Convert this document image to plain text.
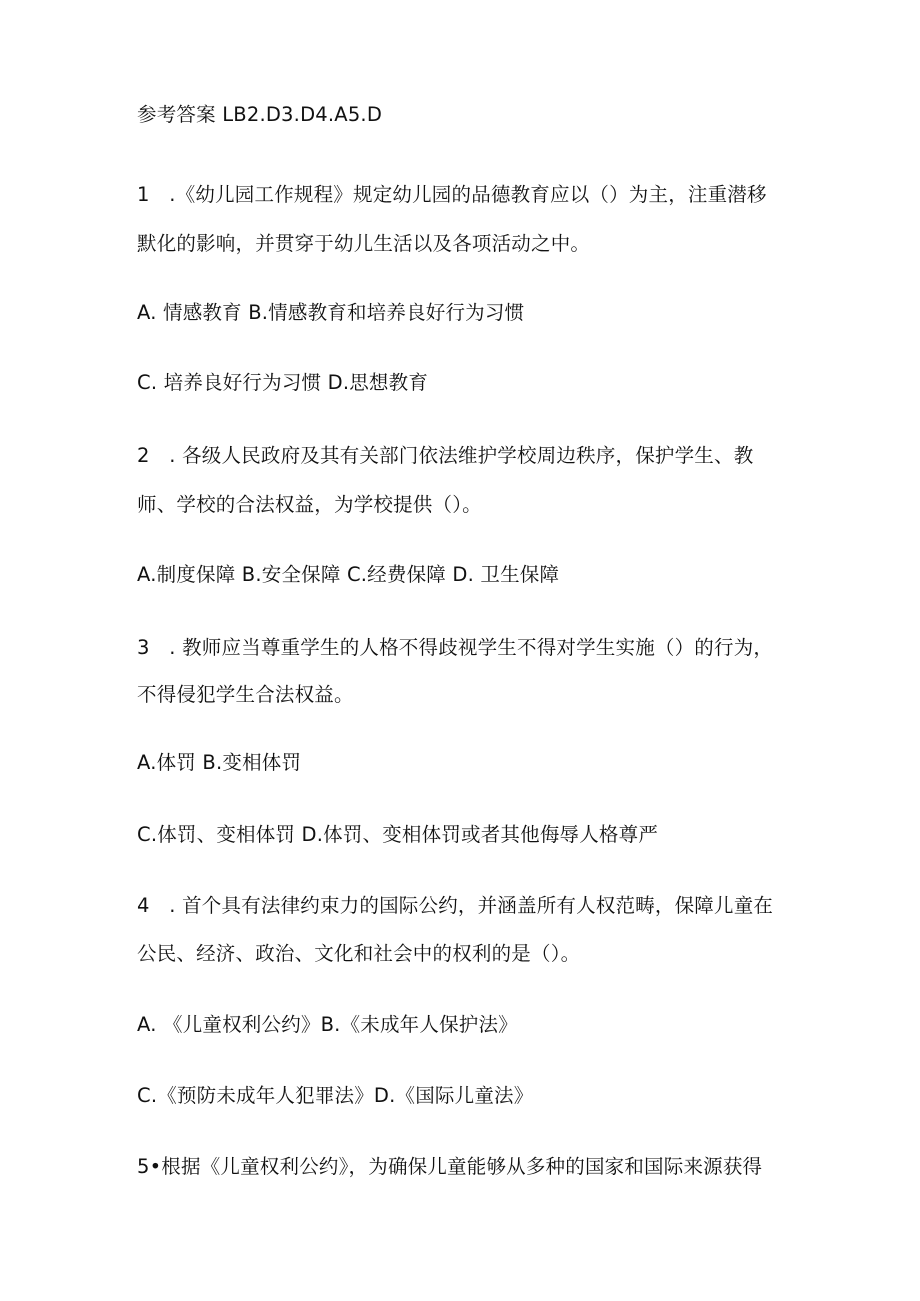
参考答案 LB2.D3.D4.A5.D
1　.《幼儿园工作规程》规定幼儿园的品德教育应以（）为主，注重潜移
默化的影响，并贯穿于幼儿生活以及各项活动之中。
A. 情感教育 B.情感教育和培养良好行为习惯
C. 培养良好行为习惯 D.思想教育
2　. 各级人民政府及其有关部门依法维护学校周边秩序，保护学生、教
师、学校的合法权益，为学校提供（）。
A.制度保障 B.安全保障 C.经费保障 D. 卫生保障
3　. 教师应当尊重学生的人格不得歧视学生不得对学生实施（）的行为，
不得侵犯学生合法权益。
A.体罚 B.变相体罚
C.体罚、变相体罚 D.体罚、变相体罚或者其他侮辱人格尊严
4　. 首个具有法律约束力的国际公约，并涵盖所有人权范畴，保障儿童在
公民、经济、政治、文化和社会中的权利的是（）。
A. 《儿童权利公约》B.《未成年人保护法》
C.《预防未成年人犯罪法》D.《国际儿童法》
5•根据《儿童权利公约》，为确保儿童能够从多种的国家和国际来源获得
